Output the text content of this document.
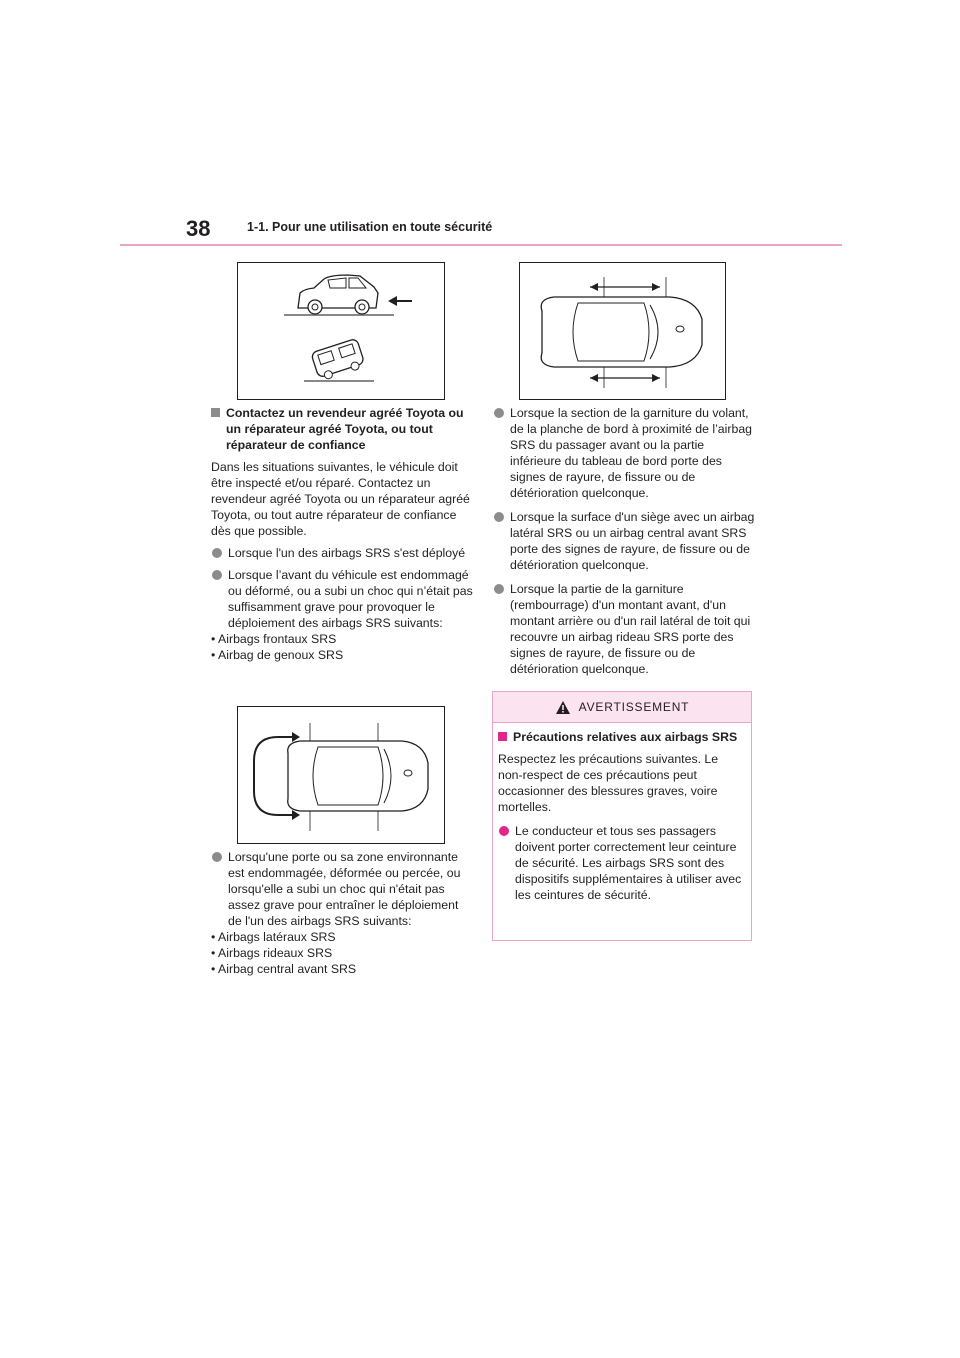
38	1-1. Pour une utilisation en toute sécurité
Contactez un revendeur agréé Toyota ou un réparateur agréé Toyota, ou tout réparateur de confiance

Dans les situations suivantes, le véhicule doit être inspecté et/ou réparé. Contactez un revendeur agréé Toyota ou un réparateur agréé Toyota, ou tout autre réparateur de confiance dès que possible.

Lorsque l'un des airbags SRS s'est déployé
Lorsque l’avant du véhicule est endommagé ou déformé, ou a subi un choc qui n’était pas suffisamment grave pour provoquer le déploiement des airbags SRS suivants:

• Airbags frontaux SRS

• Airbag de genoux SRS

Lorsqu'une porte ou sa zone environnante est endommagée, déformée ou percée, ou lorsqu'elle a subi un choc qui n'était pas assez grave pour entraîner le déploiement de l'un des airbags SRS suivants:

• Airbags latéraux SRS

• Airbags rideaux SRS

• Airbag central avant SRS

Lorsque la section de la garniture du volant, de la planche de bord à proximité de l’airbag SRS du passager avant ou la partie inférieure du tableau de bord porte des signes de rayure, de fissure ou de détérioration quelconque.
Lorsque la surface d'un siège avec un airbag latéral SRS ou un airbag central avant SRS porte des signes de rayure, de fissure ou de détérioration quelconque.
Lorsque la partie de la garniture (rembourrage) d'un montant avant, d'un montant arrière ou d'un rail latéral de toit qui recouvre un airbag rideau SRS porte des signes de rayure, de fissure ou de détérioration quelconque.
AVERTISSEMENT
Précautions relatives aux airbags SRS

Respectez les précautions suivantes. Le non-respect de ces précautions peut occasionner des blessures graves, voire mortelles.

Le conducteur et tous ses passagers doivent porter correctement leur ceinture de sécurité. Les airbags SRS sont des dispositifs supplémentaires à utiliser avec les ceintures de sécurité.
